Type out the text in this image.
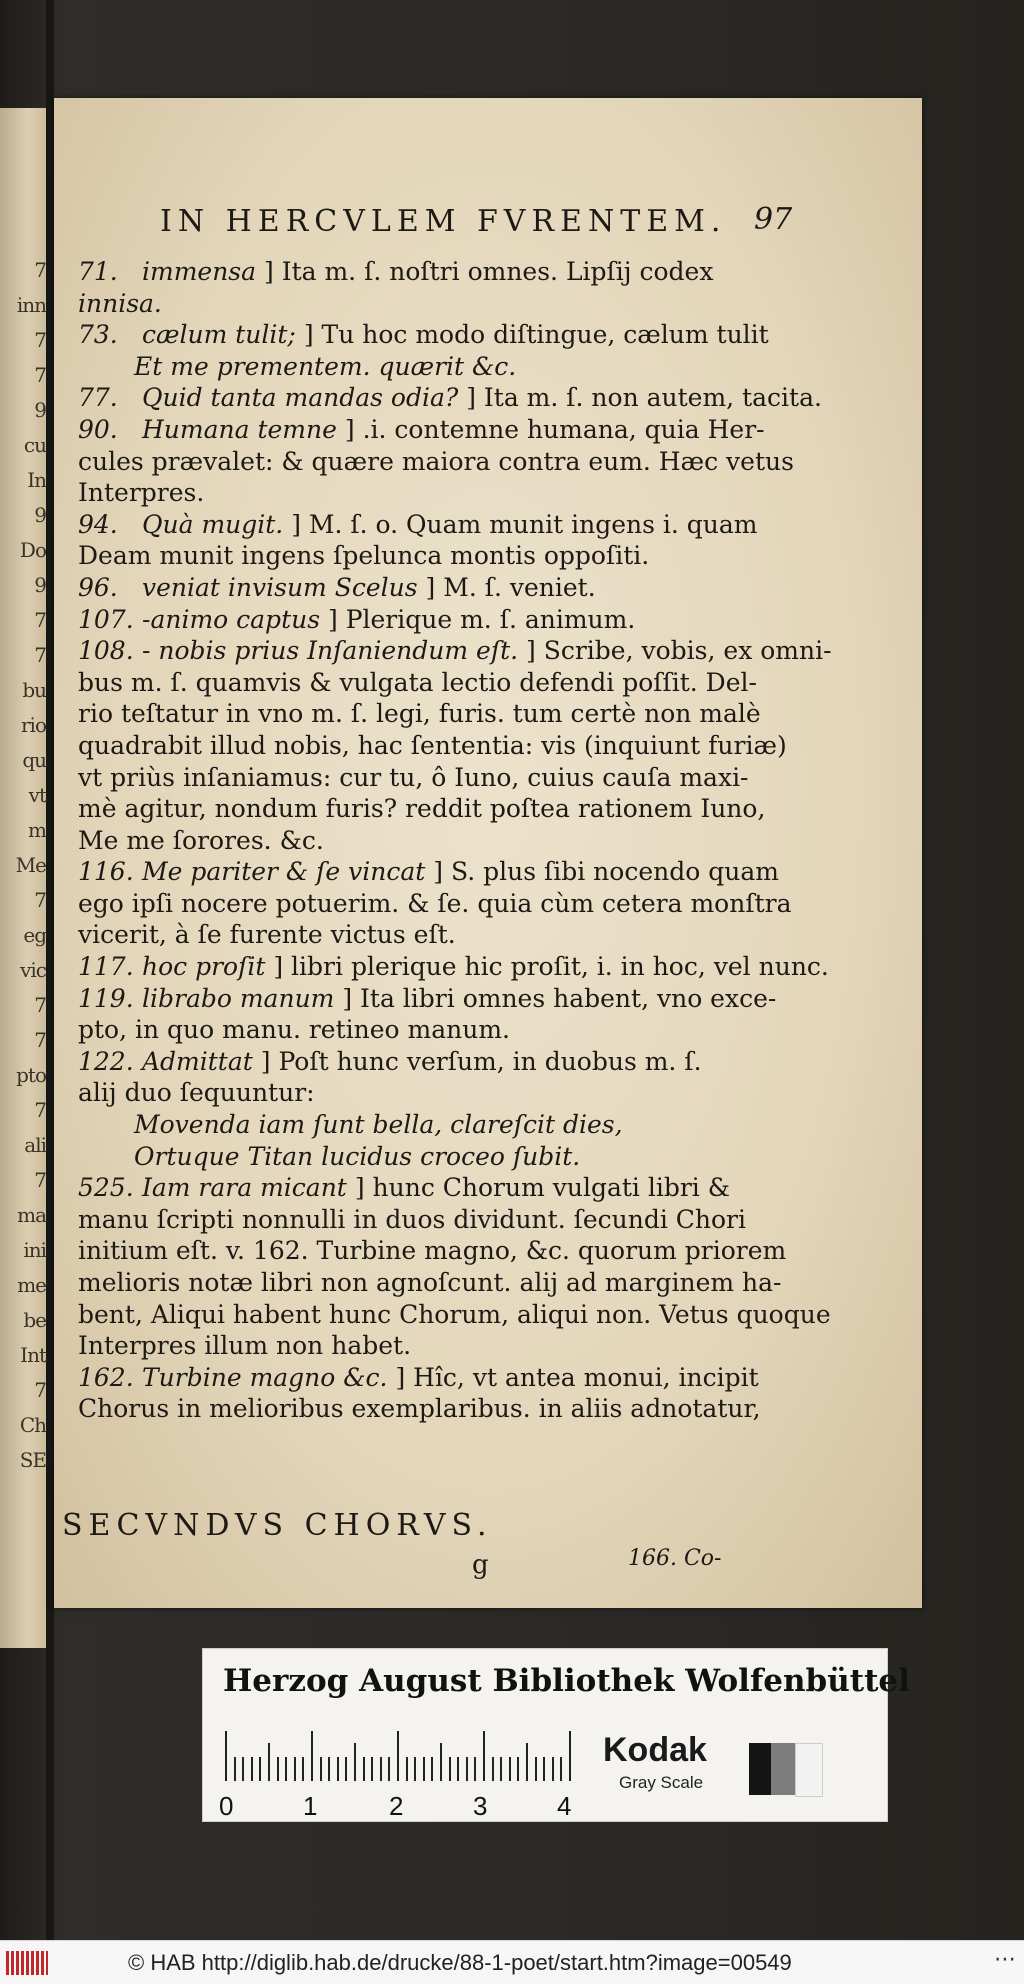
7
inn
7
7
9
cu
In
9
Do
9
7
7
bu
rio
qu
vt
m
Me
7
eg
vic
7
7
pto
7
ali
7
ma
ini
me
be
Int
7
Ch
SE
IN HERCVLEM FVRENTEM. 97
71. immensa ] Ita m. ſ. noſtri omnes. Lipſij codex
innisa.
73. cælum tulit; ] Tu hoc modo diſtingue, cælum tulit
Et me prementem. quærit &c.
77. Quid tanta mandas odia? ] Ita m. ſ. non autem, tacita.
90. Humana temne ] .i. contemne humana, quia Her-
cules prævalet: & quære maiora contra eum. Hæc vetus
Interpres.
94. Quà mugit. ] M. ſ. o. Quam munit ingens i. quam
Deam munit ingens ſpelunca montis oppoſiti.
96. veniat invisum Scelus ] M. ſ. veniet.
107. -animo captus ] Plerique m. ſ. animum.
108. - nobis prius Inſaniendum eſt. ] Scribe, vobis, ex omni-
bus m. ſ. quamvis & vulgata lectio defendi poſſit. Del-
rio teſtatur in vno m. ſ. legi, furis. tum certè non malè
quadrabit illud nobis, hac ſententia: vis (inquiunt furiæ)
vt priùs inſaniamus: cur tu, ô Iuno, cuius cauſa maxi-
mè agitur, nondum furis? reddit poſtea rationem Iuno,
Me me ſorores. &c.
116. Me pariter & ſe vincat ] S. plus ſibi nocendo quam
ego ipſi nocere potuerim. & ſe. quia cùm cetera monſtra
vicerit, à ſe furente victus eſt.
117. hoc proſit ] libri plerique hic proſit, i. in hoc, vel nunc.
119. librabo manum ] Ita libri omnes habent, vno exce-
pto, in quo manu. retineo manum.
122. Admittat ] Poſt hunc verſum, in duobus m. ſ.
alij duo ſequuntur:
Movenda iam ſunt bella, clareſcit dies,
Ortuque Titan lucidus croceo ſubit.
525. Iam rara micant ] hunc Chorum vulgati libri &
manu ſcripti nonnulli in duos dividunt. ſecundi Chori
initium eſt. v. 162. Turbine magno, &c. quorum priorem
melioris notæ libri non agnoſcunt. alij ad marginem ha-
bent, Aliqui habent hunc Chorum, aliqui non. Vetus quoque
Interpres illum non habet.
162. Turbine magno &c. ] Hîc, vt antea monui, incipit
Chorus in melioribus exemplaribus. in aliis adnotatur,
SECVNDVS CHORVS.
g	166. Co-
Herzog August Bibliothek Wolfenbüttel
0	1	2	3	4
Kodak
Gray Scale
© HAB http://diglib.hab.de/drucke/88-1-poet/start.htm?image=00549	⋯
